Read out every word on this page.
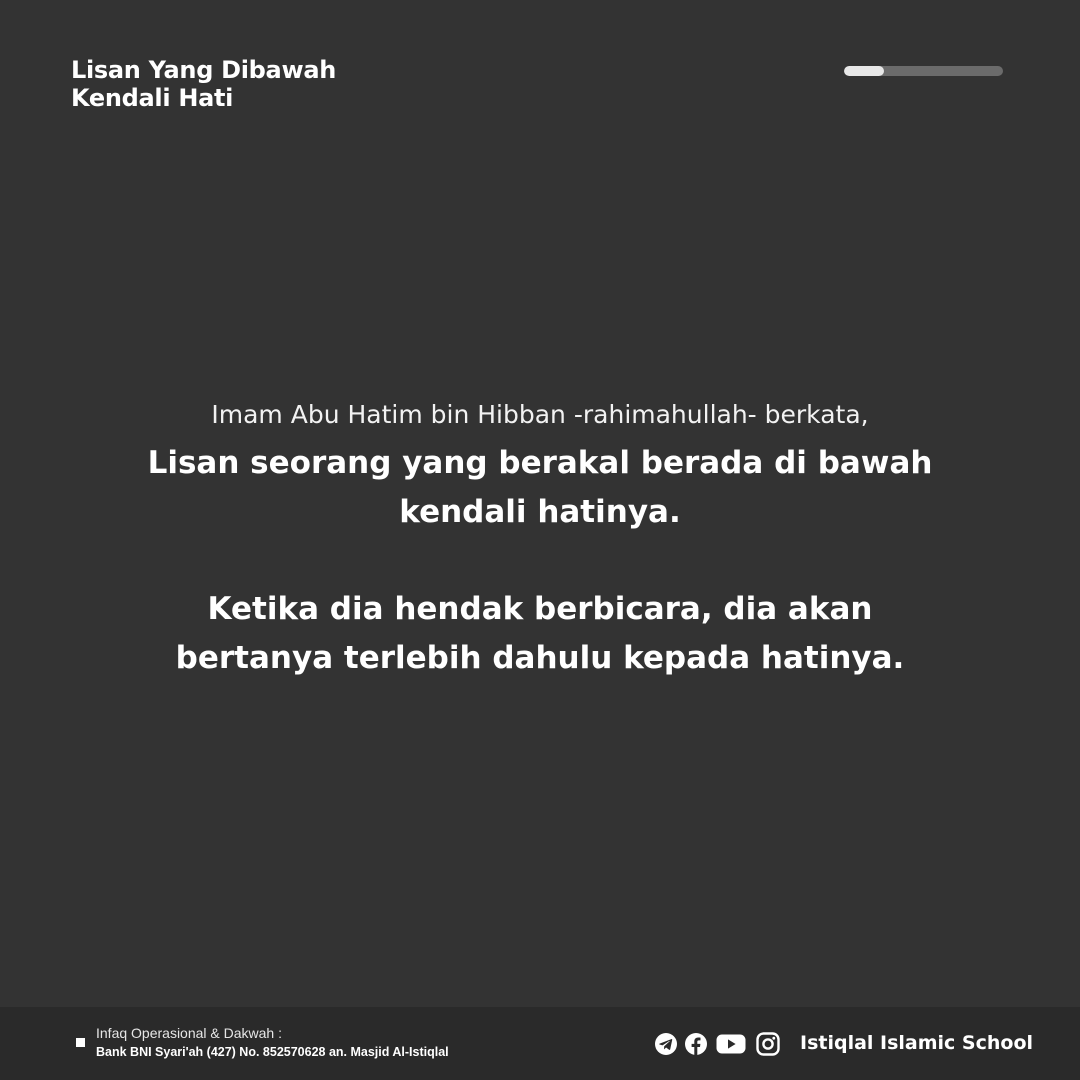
Lisan Yang Dibawah
Kendali Hati

Imam Abu Hatim bin Hibban -rahimahullah- berkata,

Lisan seorang yang berakal berada di bawah
kendali hatinya.

Ketika dia hendak berbicara, dia akan
bertanya terlebih dahulu kepada hatinya.

Infaq Operasional & Dakwah :
Bank BNI Syari'ah (427) No. 852570628 an. Masjid Al-Istiqlal	Istiqlal Islamic School
